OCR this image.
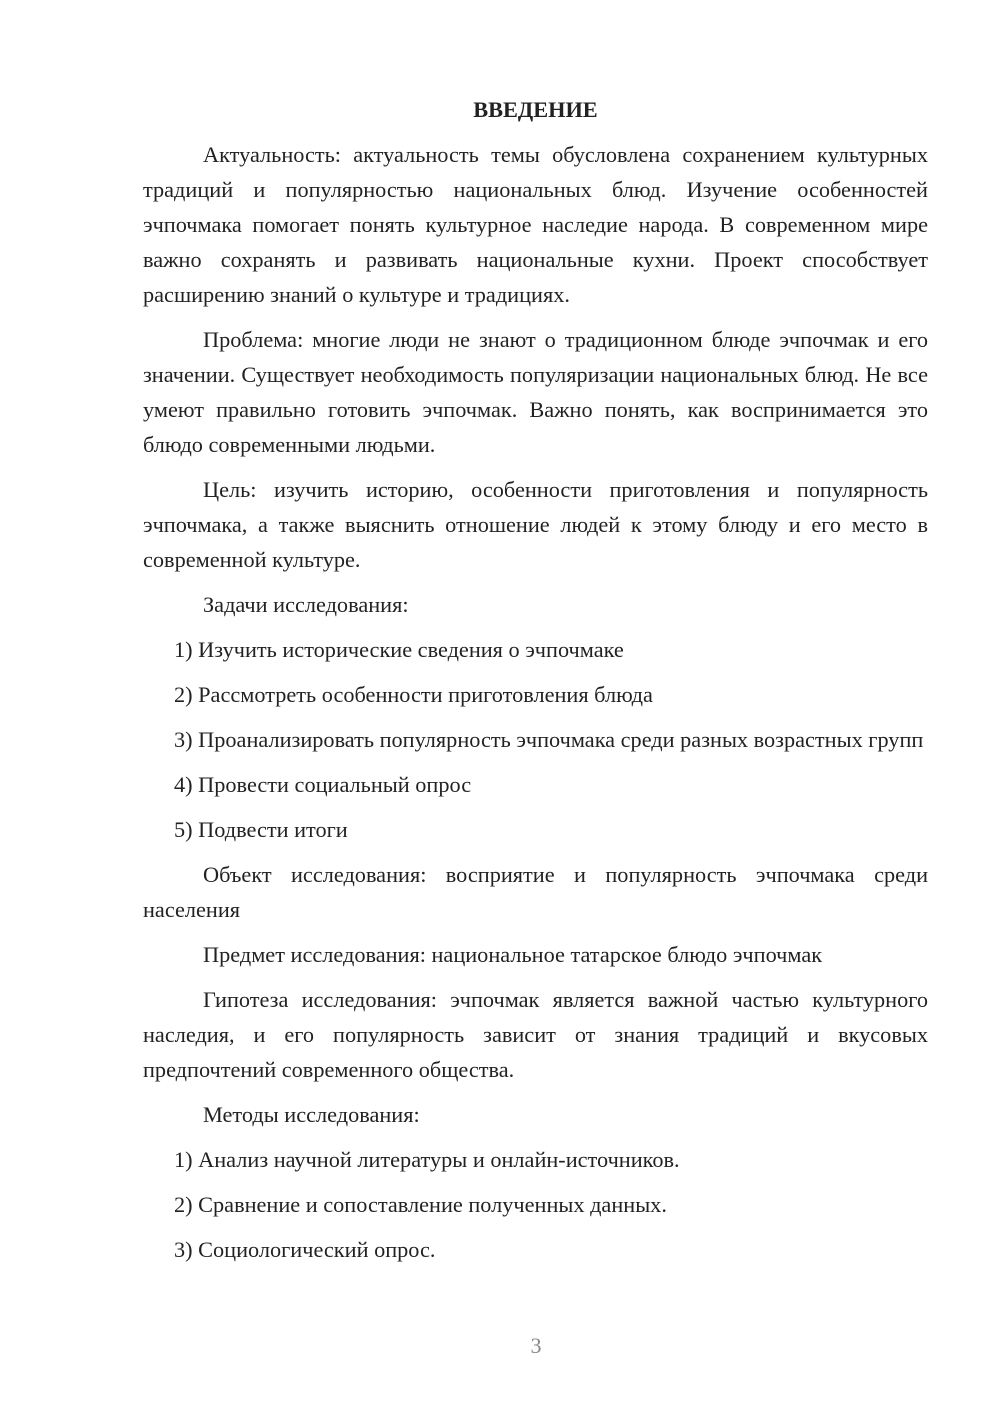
ВВЕДЕНИЕ

Актуальность: актуальность темы обусловлена сохранением культурных традиций и популярностью национальных блюд. Изучение особенностей эчпочмака помогает понять культурное наследие народа. В современном мире важно сохранять и развивать национальные кухни. Проект способствует расширению знаний о культуре и традициях.

Проблема: многие люди не знают о традиционном блюде эчпочмак и его значении. Существует необходимость популяризации национальных блюд. Не все умеют правильно готовить эчпочмак. Важно понять, как воспринимается это блюдо современными людьми.

Цель: изучить историю, особенности приготовления и популярность эчпочмака, а также выяснить отношение людей к этому блюду и его место в современной культуре.

Задачи исследования:

1) Изучить исторические сведения о эчпочмаке

2) Рассмотреть особенности приготовления блюда

3) Проанализировать популярность эчпочмака среди разных возрастных групп

4) Провести социальный опрос

5) Подвести итоги

Объект исследования: восприятие и популярность эчпочмака среди населения

Предмет исследования: национальное татарское блюдо эчпочмак

Гипотеза исследования: эчпочмак является важной частью культурного наследия, и его популярность зависит от знания традиций и вкусовых предпочтений современного общества.

Методы исследования:

1) Анализ научной литературы и онлайн-источников.

2) Сравнение и сопоставление полученных данных.

3) Социологический опрос.

3
